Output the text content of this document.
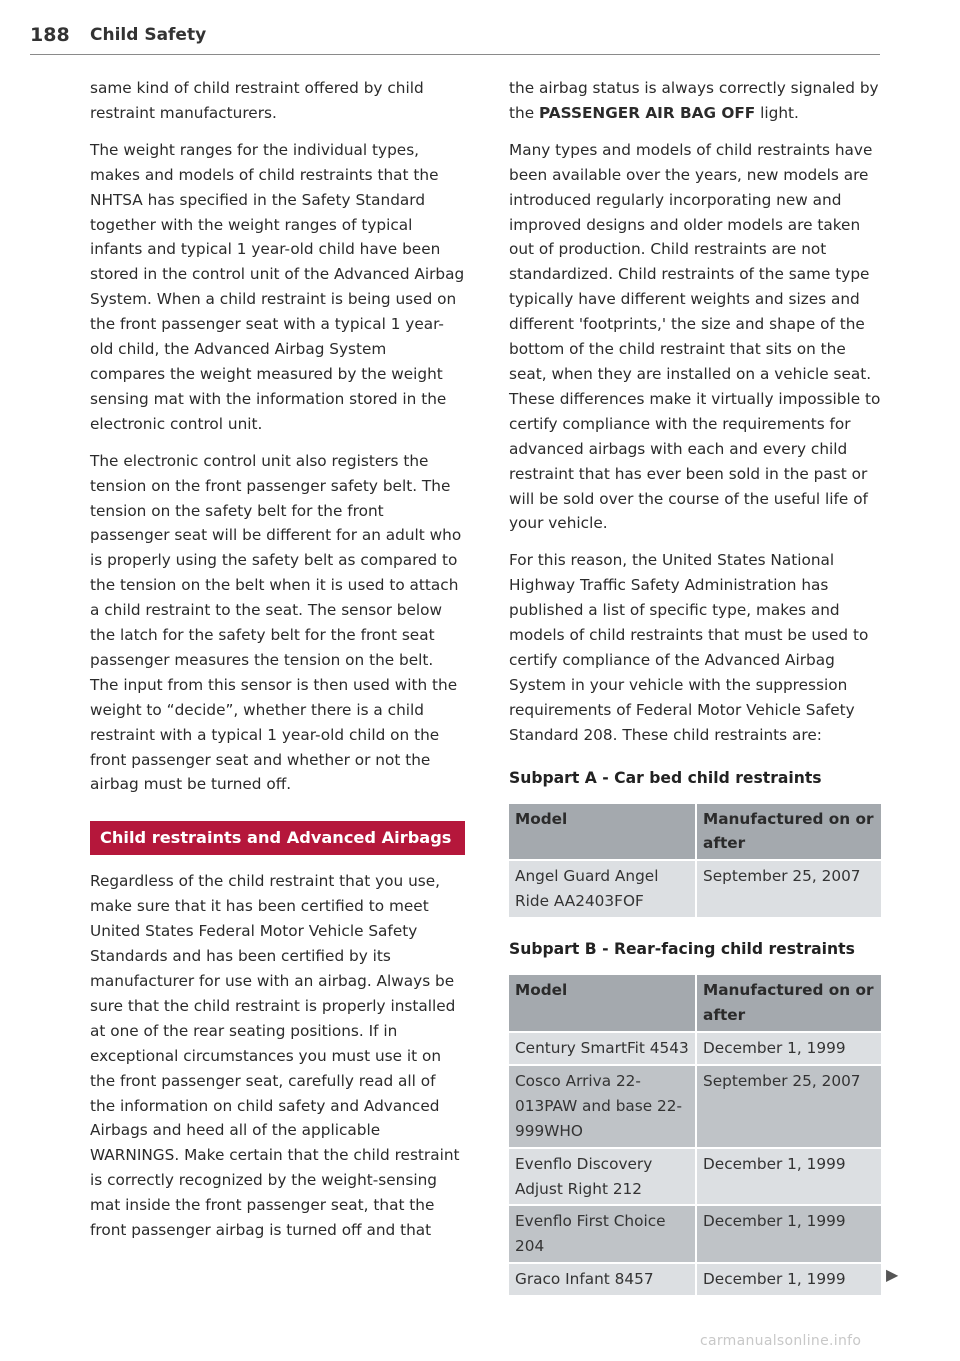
188 Child Safety

same kind of child restraint offered by child restraint manufacturers.

The weight ranges for the individual types, makes and models of child restraints that the NHTSA has specified in the Safety Standard together with the weight ranges of typical infants and typical 1 year-old child have been stored in the control unit of the Advanced Airbag System. When a child restraint is being used on the front passenger seat with a typical 1 year-old child, the Advanced Airbag System compares the weight measured by the weight sensing mat with the information stored in the electronic control unit.

The electronic control unit also registers the tension on the front passenger safety belt. The tension on the safety belt for the front passenger seat will be different for an adult who is properly using the safety belt as compared to the tension on the belt when it is used to attach a child restraint to the seat. The sensor below the latch for the safety belt for the front seat passenger measures the tension on the belt. The input from this sensor is then used with the weight to “decide”, whether there is a child restraint with a typical 1 year-old child on the front passenger seat and whether or not the airbag must be turned off.

Child restraints and Advanced Airbags

Regardless of the child restraint that you use, make sure that it has been certified to meet United States Federal Motor Vehicle Safety Standards and has been certified by its manufacturer for use with an airbag. Always be sure that the child restraint is properly installed at one of the rear seating positions. If in exceptional circumstances you must use it on the front passenger seat, carefully read all of the information on child safety and Advanced Airbags and heed all of the applicable WARNINGS. Make certain that the child restraint is correctly recognized by the weight-sensing mat inside the front passenger seat, that the front passenger airbag is turned off and that

the airbag status is always correctly signaled by the PASSENGER AIR BAG OFF light.

Many types and models of child restraints have been available over the years, new models are introduced regularly incorporating new and improved designs and older models are taken out of production. Child restraints are not standardized. Child restraints of the same type typically have different weights and sizes and different 'footprints,' the size and shape of the bottom of the child restraint that sits on the seat, when they are installed on a vehicle seat. These differences make it virtually impossible to certify compliance with the requirements for advanced airbags with each and every child restraint that has ever been sold in the past or will be sold over the course of the useful life of your vehicle.

For this reason, the United States National Highway Traffic Safety Administration has published a list of specific type, makes and models of child restraints that must be used to certify compliance of the Advanced Airbag System in your vehicle with the suppression requirements of Federal Motor Vehicle Safety Standard 208. These child restraints are:

Subpart A - Car bed child restraints
Model	Manufactured on or after
Angel Guard Angel Ride AA2403FOF	September 25, 2007
Subpart B - Rear-facing child restraints
Model	Manufactured on or after
Century SmartFit 4543	December 1, 1999
Cosco Arriva 22-013PAW and base 22-999WHO	September 25, 2007
Evenflo Discovery Adjust Right 212	December 1, 1999
Evenflo First Choice 204	December 1, 1999
Graco Infant 8457	December 1, 1999	▶
carmanualsonline.info
